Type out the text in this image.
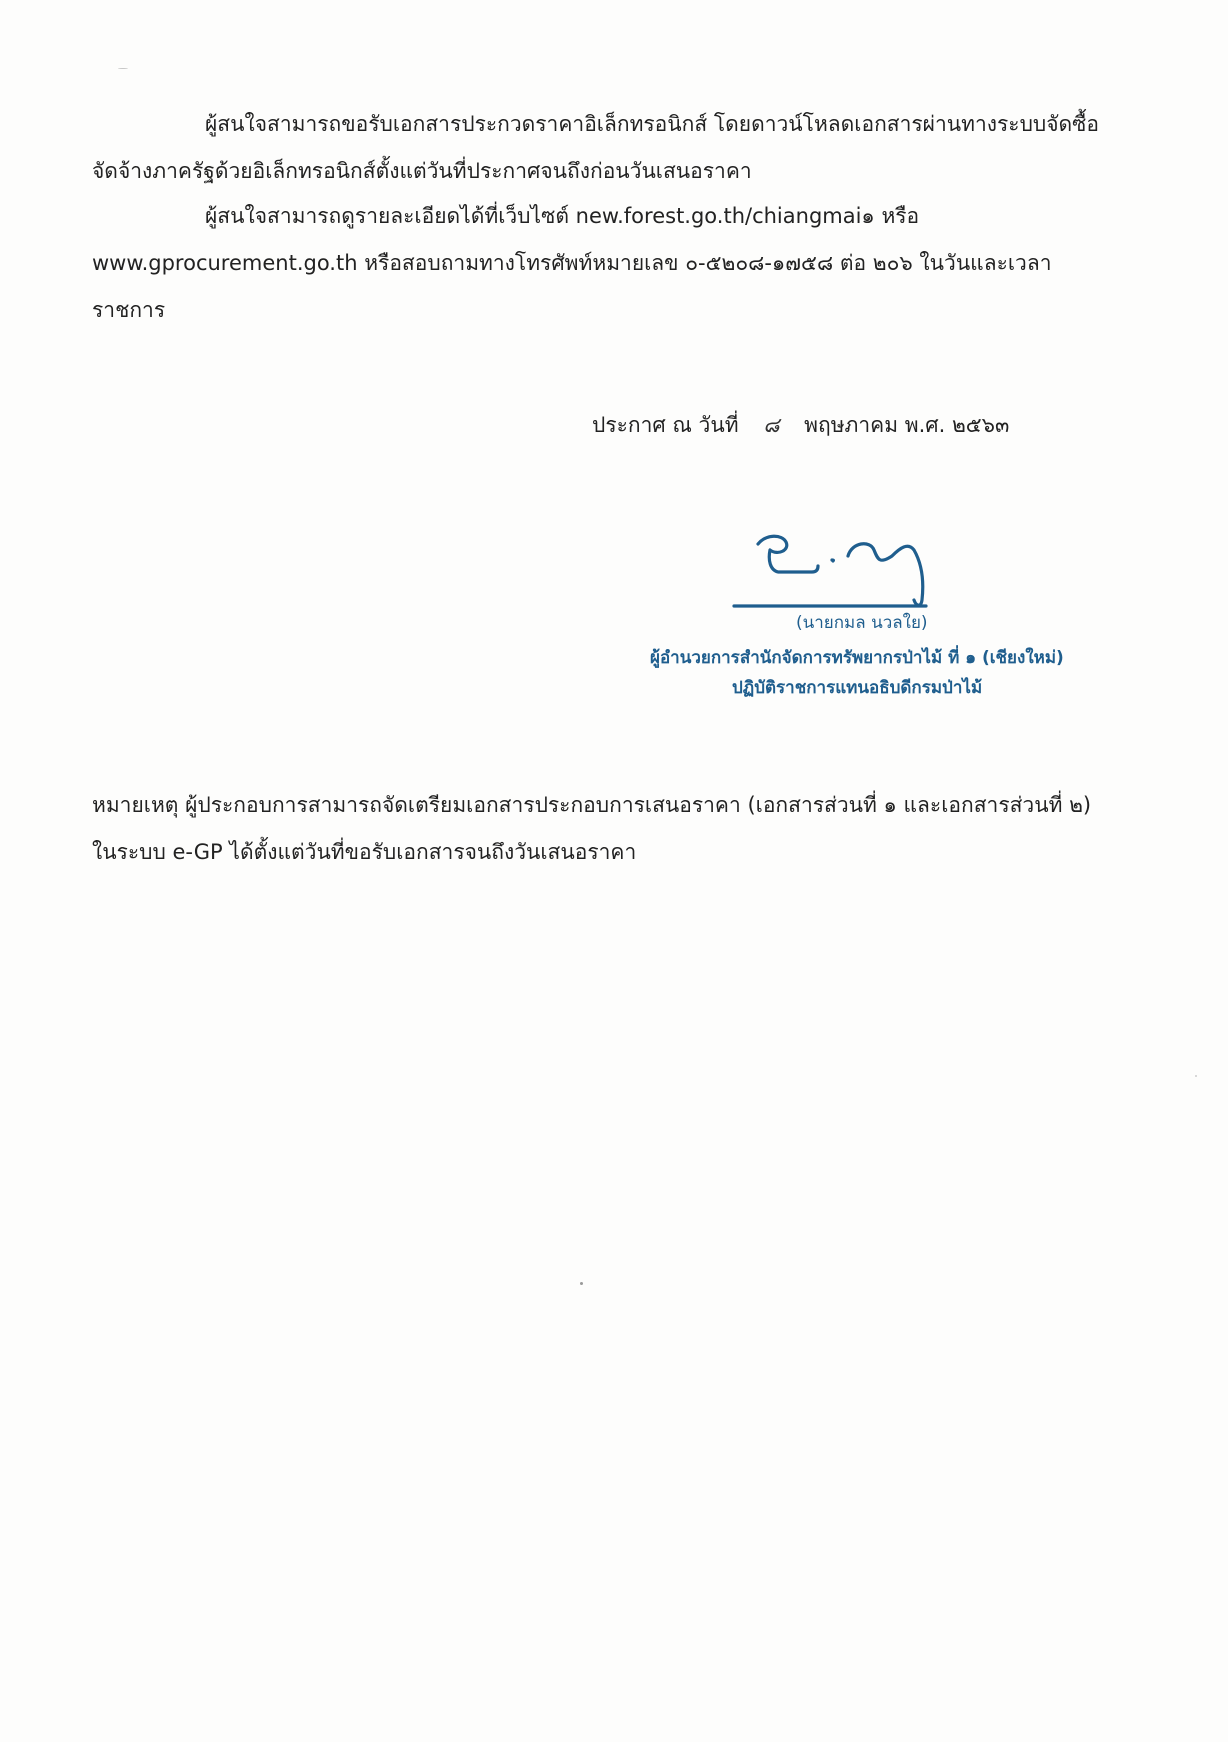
ผู้สนใจสามารถขอรับเอกสารประกวดราคาอิเล็กทรอนิกส์ โดยดาวน์โหลดเอกสารผ่านทางระบบจัดซื้อ
จัดจ้างภาครัฐด้วยอิเล็กทรอนิกส์ตั้งแต่วันที่ประกาศจนถึงก่อนวันเสนอราคา
ผู้สนใจสามารถดูรายละเอียดได้ที่เว็บไซต์ new.forest.go.th/chiangmai๑ หรือ
www.gprocurement.go.th หรือสอบถามทางโทรศัพท์หมายเลข ๐-๕๒๐๘-๑๗๕๘ ต่อ ๒๐๖ ในวันและเวลา
ราชการ
ประกาศ ณ วันที่ ๘ พฤษภาคม พ.ศ. ๒๕๖๓
(นายกมล นวลใย)
ผู้อำนวยการสำนักจัดการทรัพยากรป่าไม้ ที่ ๑ (เชียงใหม่)
ปฏิบัติราชการแทนอธิบดีกรมป่าไม้
หมายเหตุ ผู้ประกอบการสามารถจัดเตรียมเอกสารประกอบการเสนอราคา (เอกสารส่วนที่ ๑ และเอกสารส่วนที่ ๒)
ในระบบ e-GP ได้ตั้งแต่วันที่ขอรับเอกสารจนถึงวันเสนอราคา
